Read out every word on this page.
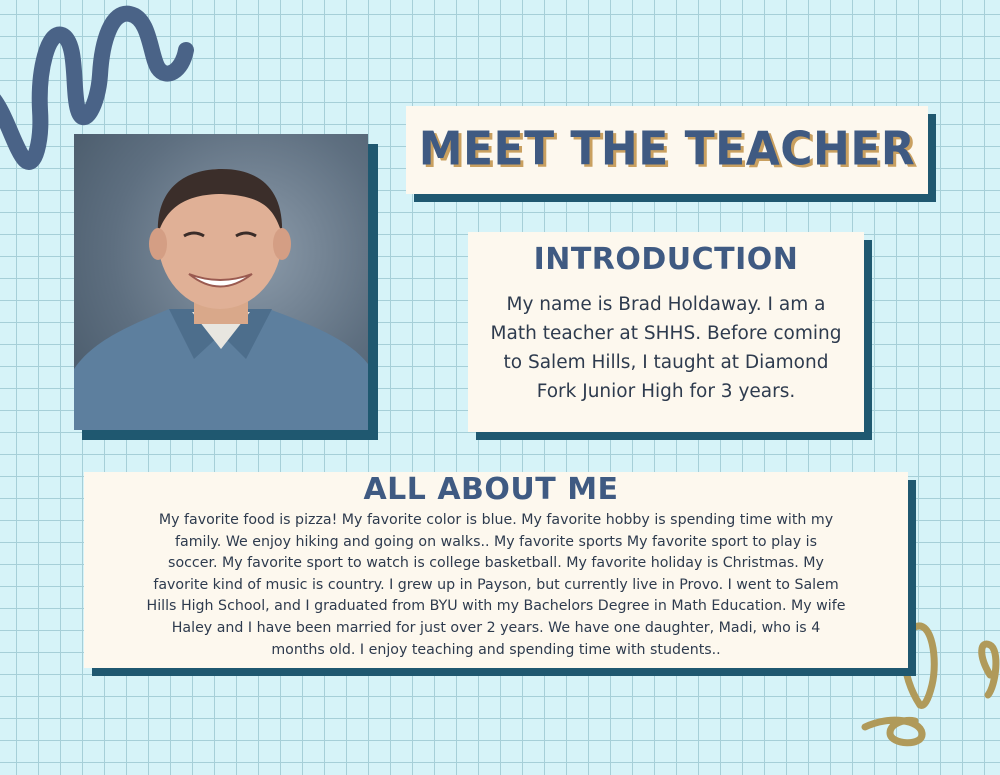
MEET THE TEACHER
INTRODUCTION
My name is Brad Holdaway. I am a
Math teacher at SHHS. Before coming
to Salem Hills, I taught at Diamond
Fork Junior High for 3 years.
ALL ABOUT ME
My favorite food is pizza! My favorite color is blue. My favorite hobby is spending time with my
family. We enjoy hiking and going on walks.. My favorite sports My favorite sport to play is
soccer. My favorite sport to watch is college basketball. My favorite holiday is Christmas. My
favorite kind of music is country. I grew up in Payson, but currently live in Provo. I went to Salem
Hills High School, and I graduated from BYU with my Bachelors Degree in Math Education. My wife
Haley and I have been married for just over 2 years. We have one daughter, Madi, who is 4
months old. I enjoy teaching and spending time with students..
